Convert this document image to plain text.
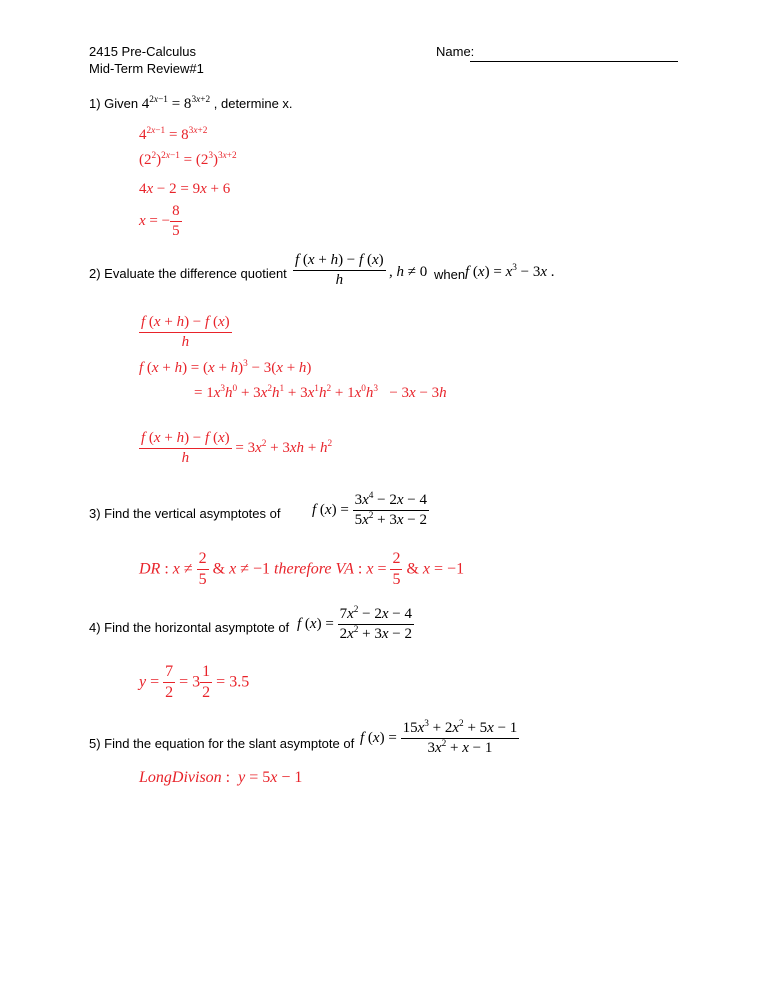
2415 Pre-Calculus
Mid-Term Review#1
Name:
1) Given $4^{2x-1} = 8^{3x+2}$ , determine x.
$4^{2x-1} = 8^{3x+2}$
$(2^2)^{2x-1} = (2^3)^{3x+2}$
4x − 2 = 9x + 6
x = − $\frac{8}{5}$
2) Evaluate the difference quotient $\frac{f (x + h) - f (x)}{h}$ , h ≠ 0 when f $(x) = x^3 - 3x$ .
$\frac{f (x + h) - f (x)}{h}$
f $(x + h) = (x + h)^3 - 3(x + h)$
= $1x^3h^0 + 3x^2h^1 + 3x^1h^2 + 1x^0h^3 - 3x - 3h$
$\frac{f (x + h) - f (x)}{h} = 3x^2 + 3xh + h^2$
3) Find the vertical asymptotes of f $(x) = \frac{3x^4 - 2x - 4}{5x^2 + 3x - 2}$
DR : $x \ne \frac{2}{5}$ & x ≠ −1 therefore VA : $x = \frac{2}{5}$ & x = −1
4) Find the horizontal asymptote of f $(x) = \frac{7x^2 - 2x - 4}{2x^2 + 3x - 2}$
$y = \frac{7}{2} = 3 \frac{1}{2} = 3.5$
5) Find the equation for the slant asymptote of f $(x) = \frac{15x^3 + 2x^2 + 5x - 1}{3x^2 + x - 1}$
LongDivison :  y = 5x − 1
